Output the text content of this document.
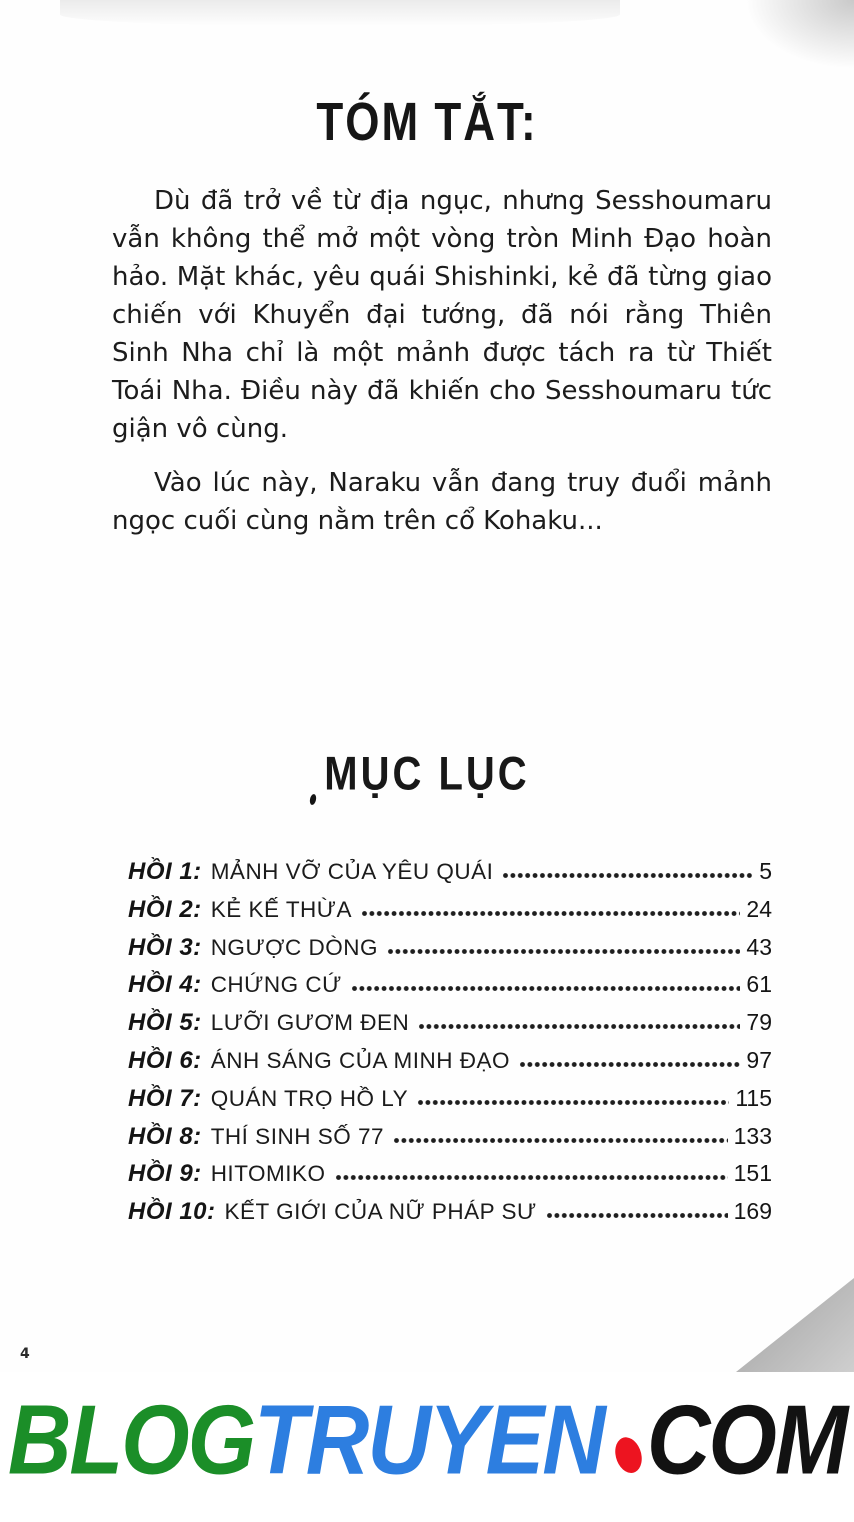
TÓM TẮT:

Dù đã trở về từ địa ngục, nhưng Sesshoumaru vẫn không thể mở một vòng tròn Minh Đạo hoàn hảo. Mặt khác, yêu quái Shishinki, kẻ đã từng giao chiến với Khuyển đại tướng, đã nói rằng Thiên Sinh Nha chỉ là một mảnh được tách ra từ Thiết Toái Nha. Điều này đã khiến cho Sesshoumaru tức giận vô cùng.

Vào lúc này, Naraku vẫn đang truy đuổi mảnh ngọc cuối cùng nằm trên cổ Kohaku...

MỤC LỤC
HỒI 1: MẢNH VỠ CỦA YÊU QUÁI	5
HỒI 2: KẺ KẾ THỪA	24
HỒI 3: NGƯỢC DÒNG	43
HỒI 4: CHỨNG CỨ	61
HỒI 5: LƯỠI GƯƠM ĐEN	79
HỒI 6: ÁNH SÁNG CỦA MINH ĐẠO	97
HỒI 7: QUÁN TRỌ HỒ LY	115
HỒI 8: THÍ SINH SỐ 77	133
HỒI 9: HITOMIKO	151
HỒI 10: KẾT GIỚI CỦA NỮ PHÁP SƯ	169
4
BLOGTRUYEN COM
